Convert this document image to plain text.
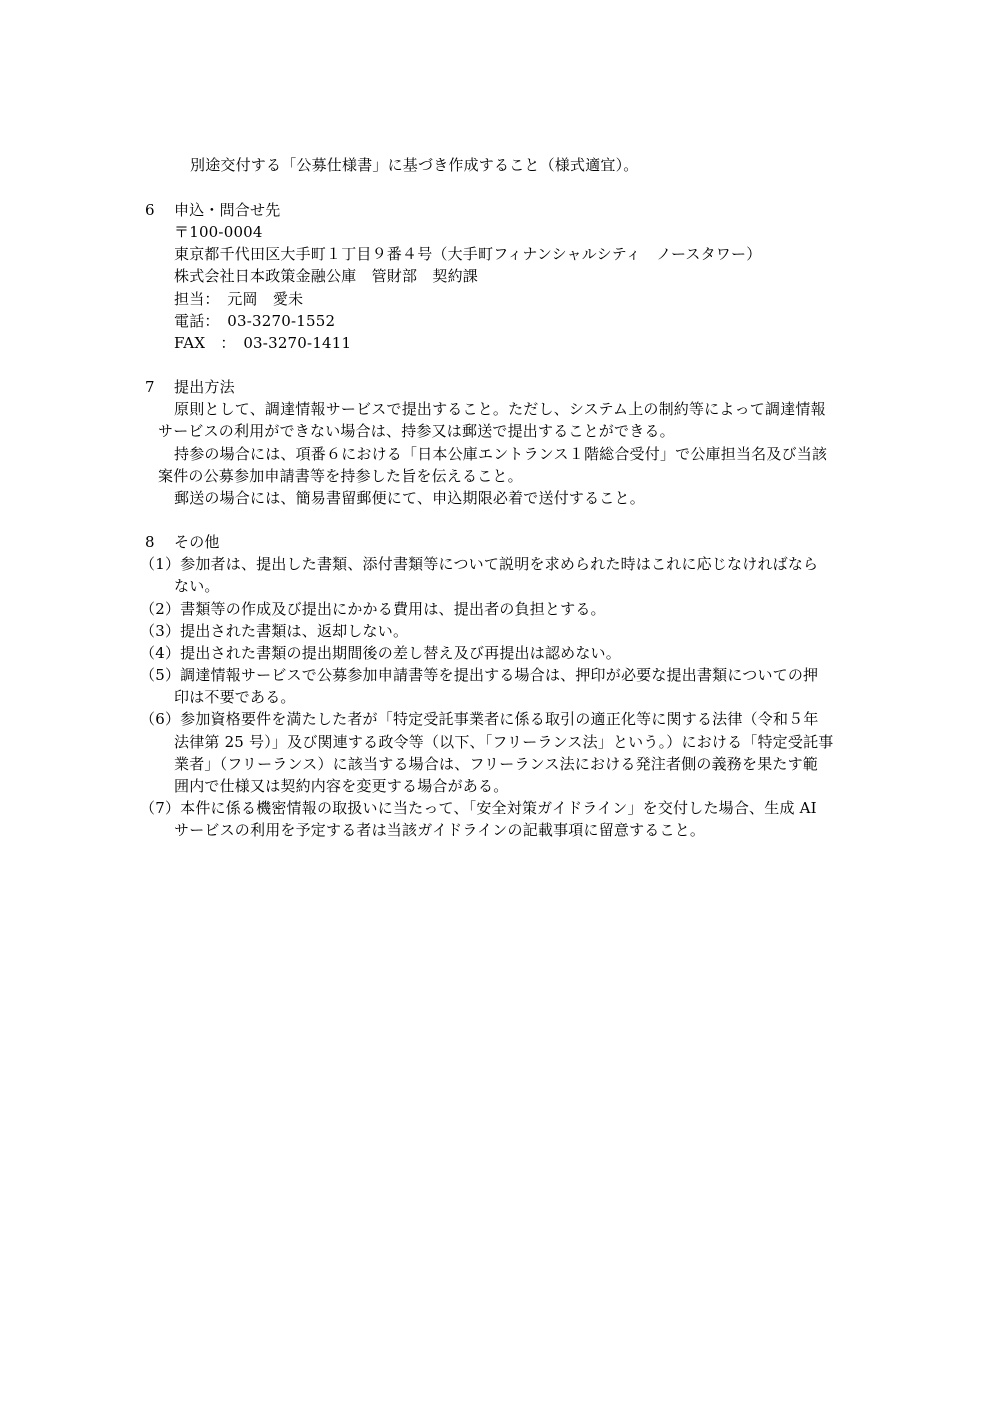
別途交付する「公募仕様書」に基づき作成すること（様式適宜）。
6 申込・問合せ先
〒100-0004
東京都千代田区大手町１丁目９番４号（大手町フィナンシャルシティ　ノースタワー）
株式会社日本政策金融公庫　管財部　契約課
担当：　元岡　愛未
電話：　03-3270-1552
FAX　：　03-3270-1411
7 提出方法
原則として、調達情報サービスで提出すること。ただし、システム上の制約等によって調達情報
サービスの利用ができない場合は、持参又は郵送で提出することができる。
持参の場合には、項番６における「日本公庫エントランス１階総合受付」で公庫担当名及び当該
案件の公募参加申請書等を持参した旨を伝えること。
郵送の場合には、簡易書留郵便にて、申込期限必着で送付すること。
8 その他
（1）参加者は、提出した書類、添付書類等について説明を求められた時はこれに応じなければなら
ない。
（2）書類等の作成及び提出にかかる費用は、提出者の負担とする。
（3）提出された書類は、返却しない。
（4）提出された書類の提出期間後の差し替え及び再提出は認めない。
（5）調達情報サービスで公募参加申請書等を提出する場合は、押印が必要な提出書類についての押
印は不要である。
（6）参加資格要件を満たした者が「特定受託事業者に係る取引の適正化等に関する法律（令和５年
法律第 25 号）」及び関連する政令等（以下、「フリーランス法」という。）における「特定受託事
業者」（フリーランス）に該当する場合は、フリーランス法における発注者側の義務を果たす範
囲内で仕様又は契約内容を変更する場合がある。
（7）本件に係る機密情報の取扱いに当たって、「安全対策ガイドライン」を交付した場合、生成 AI
サービスの利用を予定する者は当該ガイドラインの記載事項に留意すること。
